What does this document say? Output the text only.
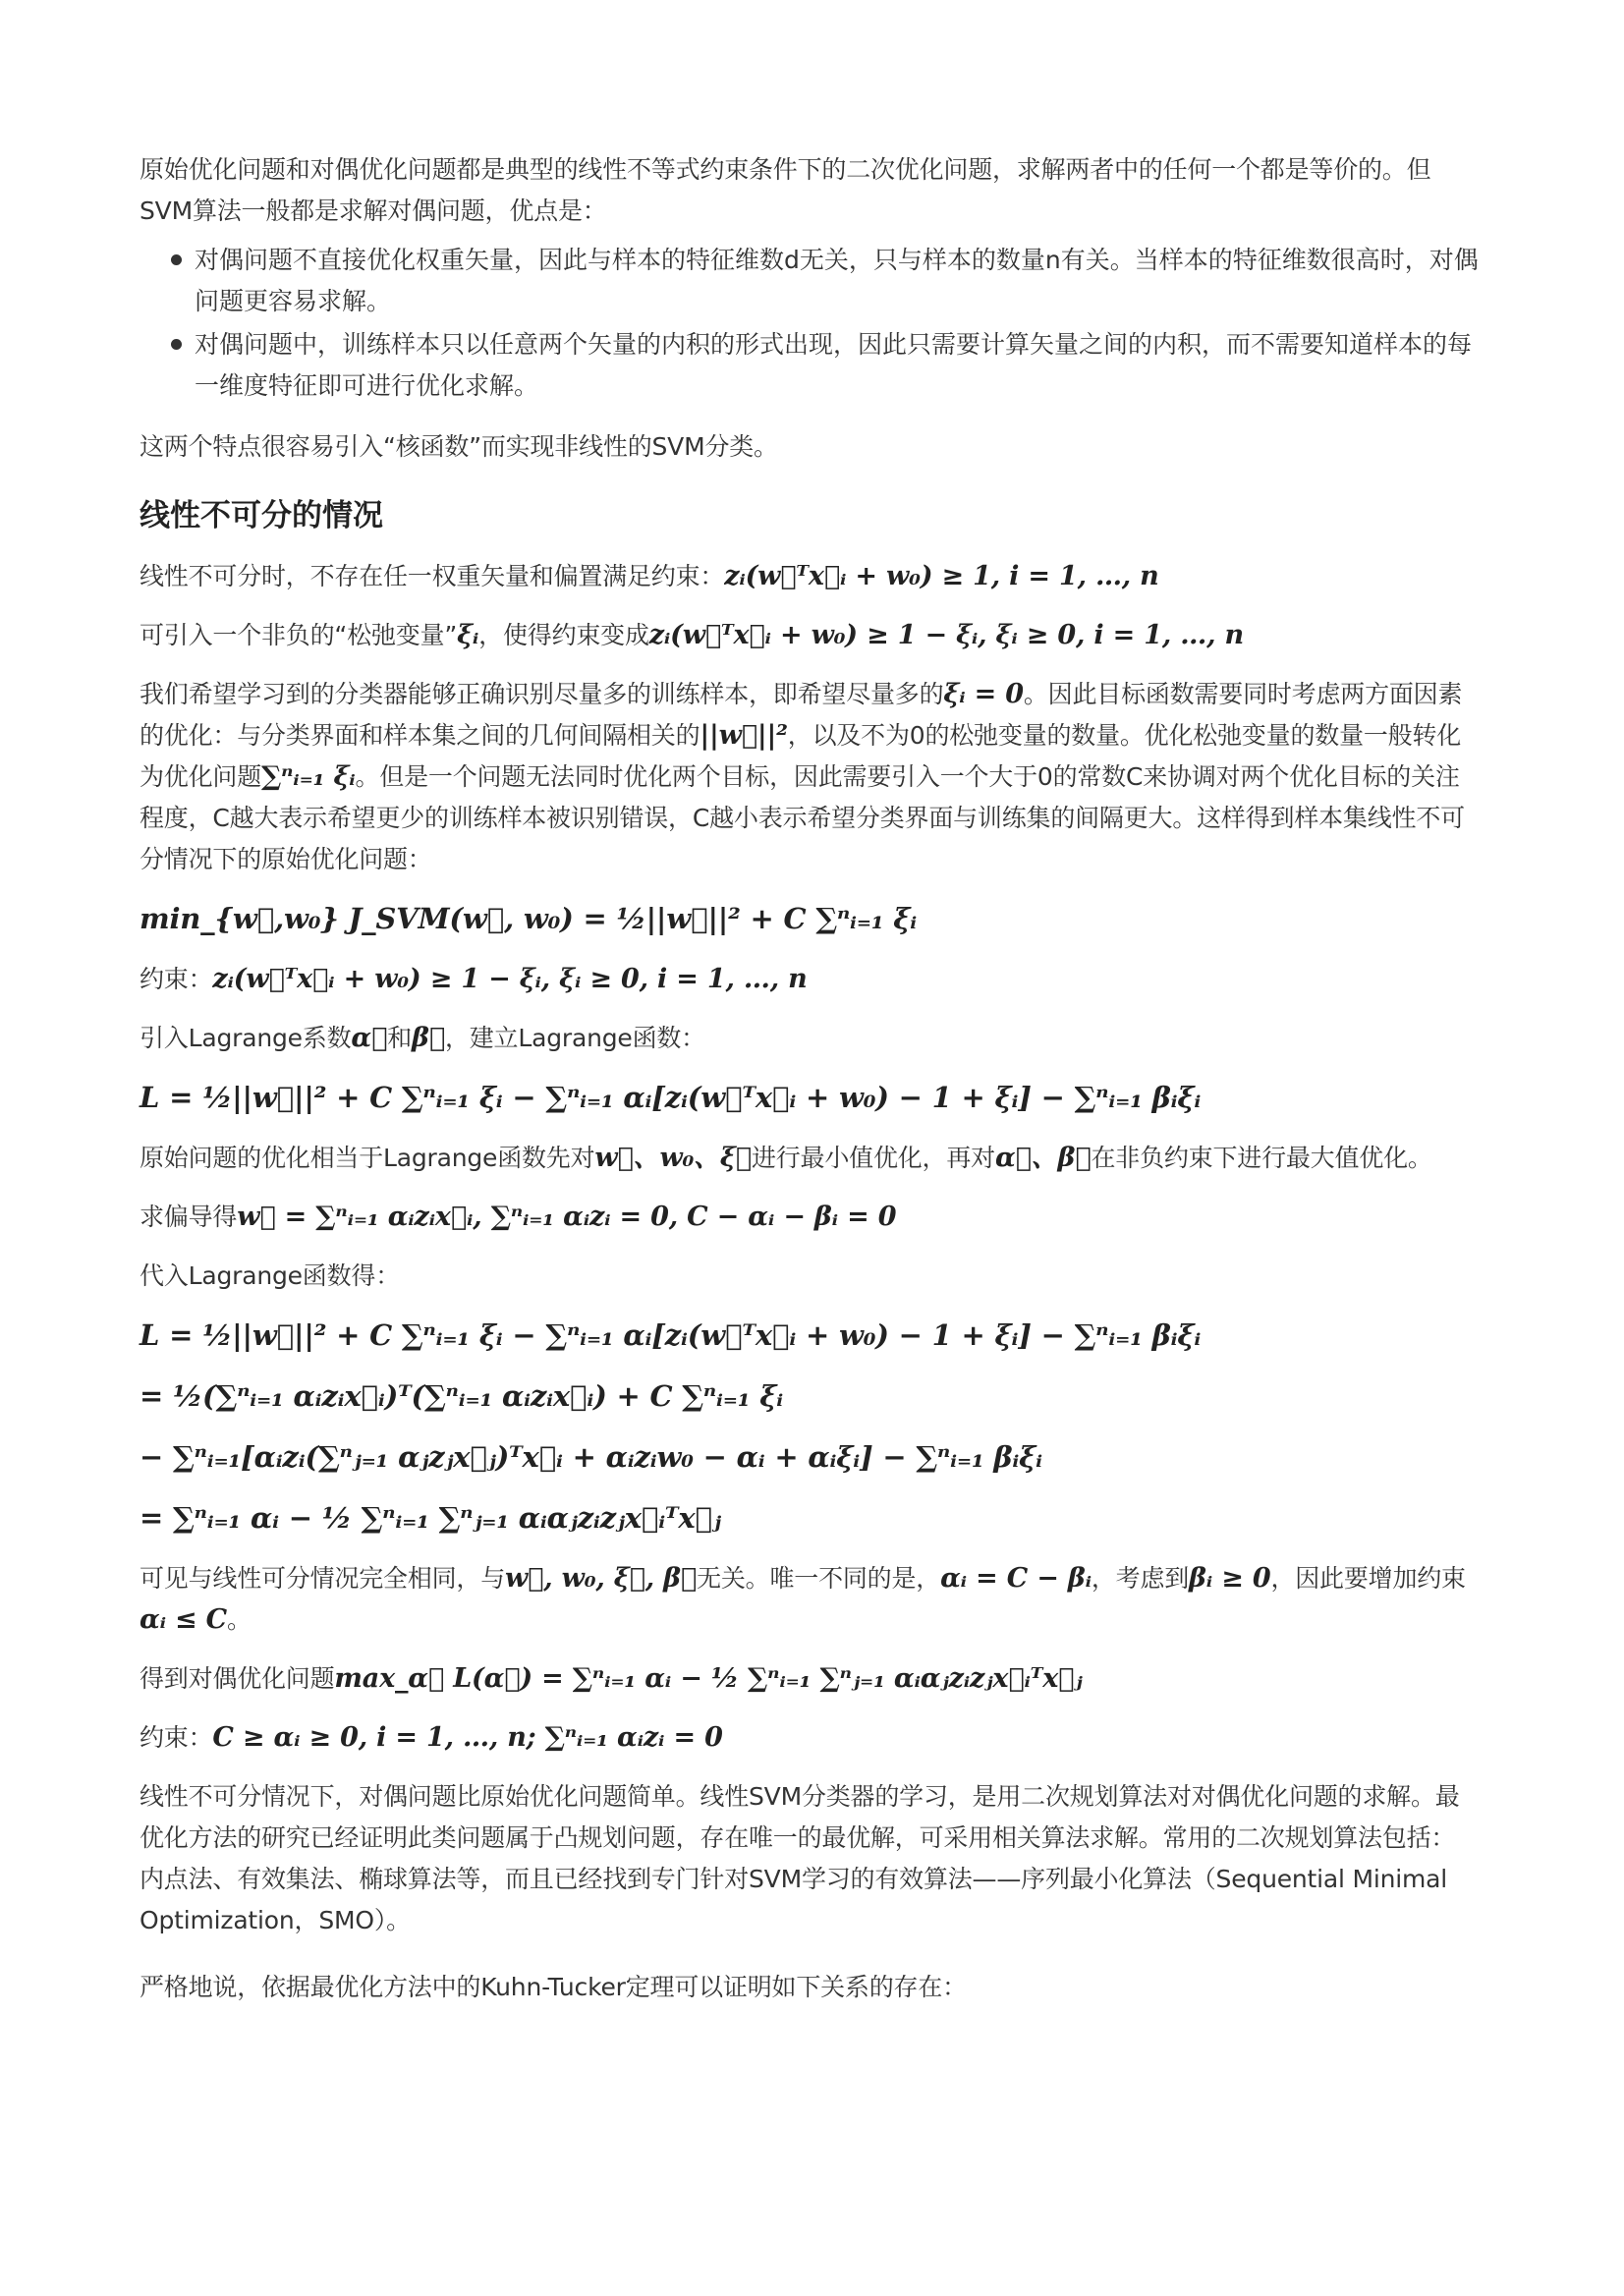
原始优化问题和对偶优化问题都是典型的线性不等式约束条件下的二次优化问题，求解两者中的任何一个都是等价的。但SVM算法一般都是求解对偶问题，优点是：

对偶问题不直接优化权重矢量，因此与样本的特征维数d无关，只与样本的数量n有关。当样本的特征维数很高时，对偶问题更容易求解。
对偶问题中，训练样本只以任意两个矢量的内积的形式出现，因此只需要计算矢量之间的内积，而不需要知道样本的每一维度特征即可进行优化求解。

这两个特点很容易引入“核函数”而实现非线性的SVM分类。

线性不可分的情况

线性不可分时，不存在任一权重矢量和偏置满足约束：zᵢ(w⃗ᵀx⃗ᵢ + w₀) ≥ 1, i = 1, …, n

可引入一个非负的“松弛变量”ξᵢ，使得约束变成zᵢ(w⃗ᵀx⃗ᵢ + w₀) ≥ 1 − ξᵢ, ξᵢ ≥ 0, i = 1, …, n

我们希望学习到的分类器能够正确识别尽量多的训练样本，即希望尽量多的ξᵢ = 0。因此目标函数需要同时考虑两方面因素的优化：与分类界面和样本集之间的几何间隔相关的||w⃗||²，以及不为0的松弛变量的数量。优化松弛变量的数量一般转化为优化问题∑ⁿᵢ₌₁ ξᵢ。但是一个问题无法同时优化两个目标，因此需要引入一个大于0的常数C来协调对两个优化目标的关注程度，C越大表示希望更少的训练样本被识别错误，C越小表示希望分类界面与训练集的间隔更大。这样得到样本集线性不可分情况下的原始优化问题：

min_{w⃗,w₀} J_SVM(w⃗, w₀) = ½||w⃗||² + C ∑ⁿᵢ₌₁ ξᵢ

约束：zᵢ(w⃗ᵀx⃗ᵢ + w₀) ≥ 1 − ξᵢ, ξᵢ ≥ 0, i = 1, …, n

引入Lagrange系数α⃗和β⃗，建立Lagrange函数：

L = ½||w⃗||² + C ∑ⁿᵢ₌₁ ξᵢ − ∑ⁿᵢ₌₁ αᵢ[zᵢ(w⃗ᵀx⃗ᵢ + w₀) − 1 + ξᵢ] − ∑ⁿᵢ₌₁ βᵢξᵢ

原始问题的优化相当于Lagrange函数先对w⃗、w₀、ξ⃗进行最小值优化，再对α⃗、β⃗在非负约束下进行最大值优化。

求偏导得w⃗ = ∑ⁿᵢ₌₁ αᵢzᵢx⃗ᵢ, ∑ⁿᵢ₌₁ αᵢzᵢ = 0, C − αᵢ − βᵢ = 0

代入Lagrange函数得：

L = ½||w⃗||² + C ∑ⁿᵢ₌₁ ξᵢ − ∑ⁿᵢ₌₁ αᵢ[zᵢ(w⃗ᵀx⃗ᵢ + w₀) − 1 + ξᵢ] − ∑ⁿᵢ₌₁ βᵢξᵢ
= ½(∑ⁿᵢ₌₁ αᵢzᵢx⃗ᵢ)ᵀ(∑ⁿᵢ₌₁ αᵢzᵢx⃗ᵢ) + C ∑ⁿᵢ₌₁ ξᵢ
− ∑ⁿᵢ₌₁[αᵢzᵢ(∑ⁿⱼ₌₁ αⱼzⱼx⃗ⱼ)ᵀx⃗ᵢ + αᵢzᵢw₀ − αᵢ + αᵢξᵢ] − ∑ⁿᵢ₌₁ βᵢξᵢ
= ∑ⁿᵢ₌₁ αᵢ − ½ ∑ⁿᵢ₌₁ ∑ⁿⱼ₌₁ αᵢαⱼzᵢzⱼx⃗ᵢᵀx⃗ⱼ

可见与线性可分情况完全相同，与w⃗, w₀, ξ⃗, β⃗无关。唯一不同的是，αᵢ = C − βᵢ，考虑到βᵢ ≥ 0，因此要增加约束αᵢ ≤ C。

得到对偶优化问题max_α⃗ L(α⃗) = ∑ⁿᵢ₌₁ αᵢ − ½ ∑ⁿᵢ₌₁ ∑ⁿⱼ₌₁ αᵢαⱼzᵢzⱼx⃗ᵢᵀx⃗ⱼ

约束：C ≥ αᵢ ≥ 0, i = 1, …, n; ∑ⁿᵢ₌₁ αᵢzᵢ = 0

线性不可分情况下，对偶问题比原始优化问题简单。线性SVM分类器的学习，是用二次规划算法对对偶优化问题的求解。最优化方法的研究已经证明此类问题属于凸规划问题，存在唯一的最优解，可采用相关算法求解。常用的二次规划算法包括：内点法、有效集法、椭球算法等，而且已经找到专门针对SVM学习的有效算法——序列最小化算法（Sequential Minimal Optimization，SMO）。

严格地说，依据最优化方法中的Kuhn-Tucker定理可以证明如下关系的存在：
